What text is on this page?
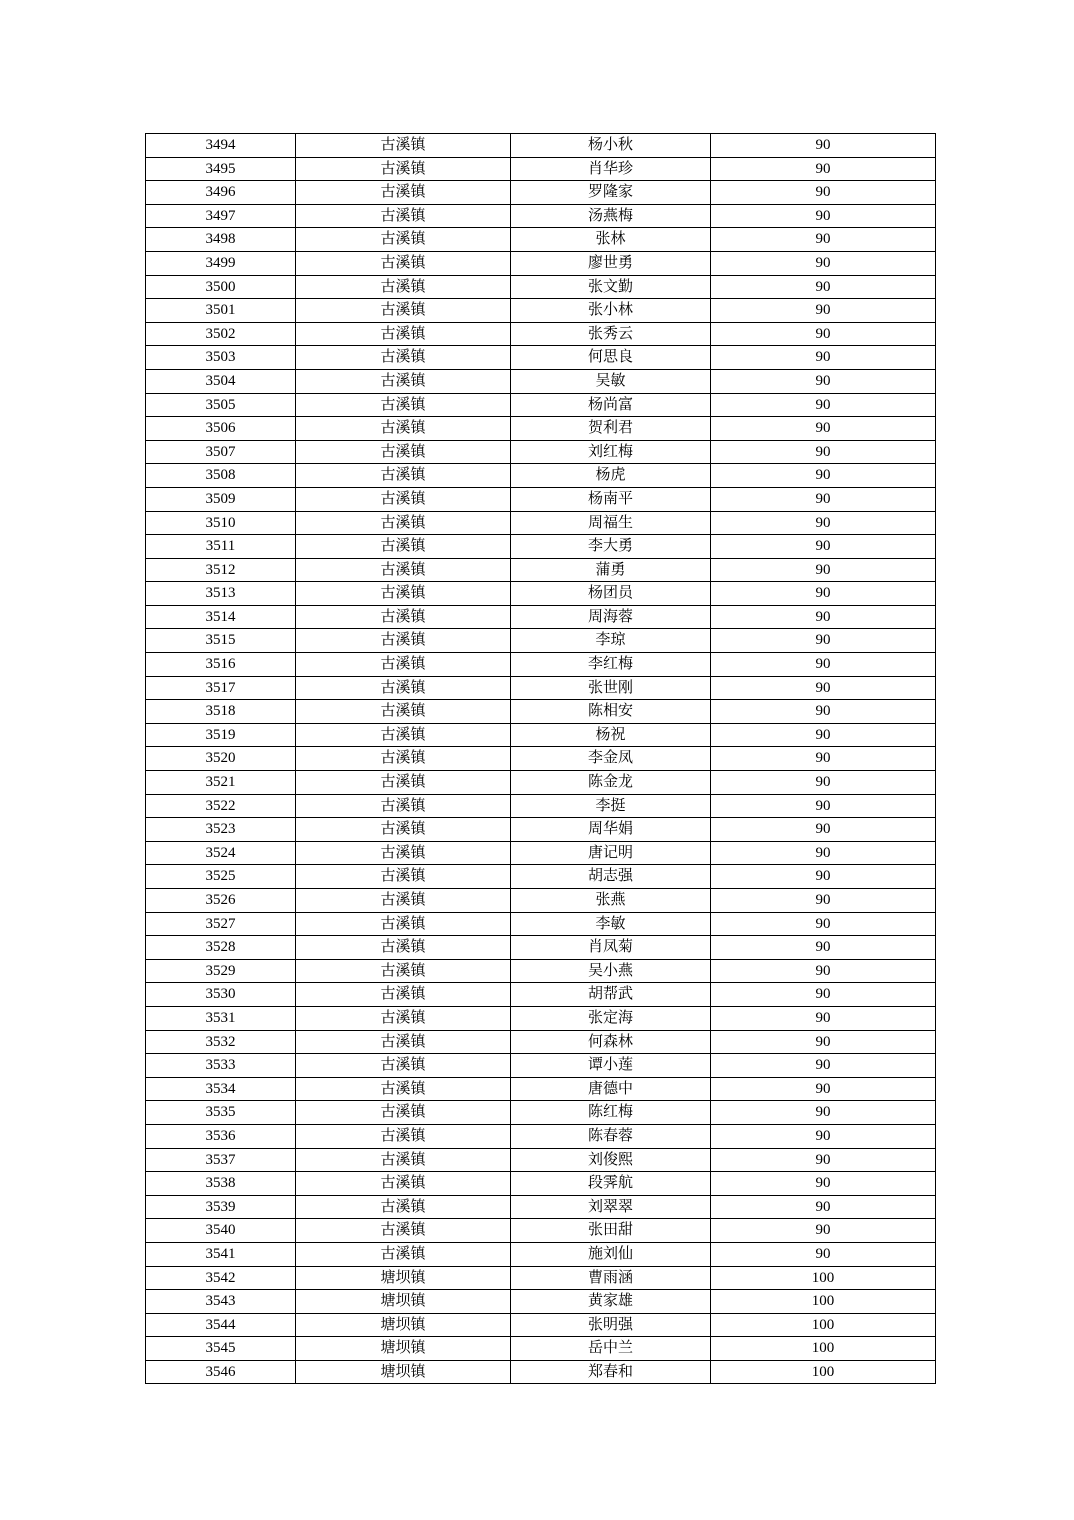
3494	古溪镇	杨小秋	90
3495	古溪镇	肖华珍	90
3496	古溪镇	罗隆家	90
3497	古溪镇	汤燕梅	90
3498	古溪镇	张林	90
3499	古溪镇	廖世勇	90
3500	古溪镇	张文勤	90
3501	古溪镇	张小林	90
3502	古溪镇	张秀云	90
3503	古溪镇	何思良	90
3504	古溪镇	吴敏	90
3505	古溪镇	杨尚富	90
3506	古溪镇	贺利君	90
3507	古溪镇	刘红梅	90
3508	古溪镇	杨虎	90
3509	古溪镇	杨南平	90
3510	古溪镇	周福生	90
3511	古溪镇	李大勇	90
3512	古溪镇	蒲勇	90
3513	古溪镇	杨团员	90
3514	古溪镇	周海蓉	90
3515	古溪镇	李琼	90
3516	古溪镇	李红梅	90
3517	古溪镇	张世刚	90
3518	古溪镇	陈相安	90
3519	古溪镇	杨祝	90
3520	古溪镇	李金凤	90
3521	古溪镇	陈金龙	90
3522	古溪镇	李挺	90
3523	古溪镇	周华娟	90
3524	古溪镇	唐记明	90
3525	古溪镇	胡志强	90
3526	古溪镇	张燕	90
3527	古溪镇	李敏	90
3528	古溪镇	肖凤菊	90
3529	古溪镇	吴小燕	90
3530	古溪镇	胡帮武	90
3531	古溪镇	张定海	90
3532	古溪镇	何森林	90
3533	古溪镇	谭小莲	90
3534	古溪镇	唐德中	90
3535	古溪镇	陈红梅	90
3536	古溪镇	陈春蓉	90
3537	古溪镇	刘俊熙	90
3538	古溪镇	段霁航	90
3539	古溪镇	刘翠翠	90
3540	古溪镇	张田甜	90
3541	古溪镇	施刘仙	90
3542	塘坝镇	曹雨涵	100
3543	塘坝镇	黄家雄	100
3544	塘坝镇	张明强	100
3545	塘坝镇	岳中兰	100
3546	塘坝镇	郑春和	100
